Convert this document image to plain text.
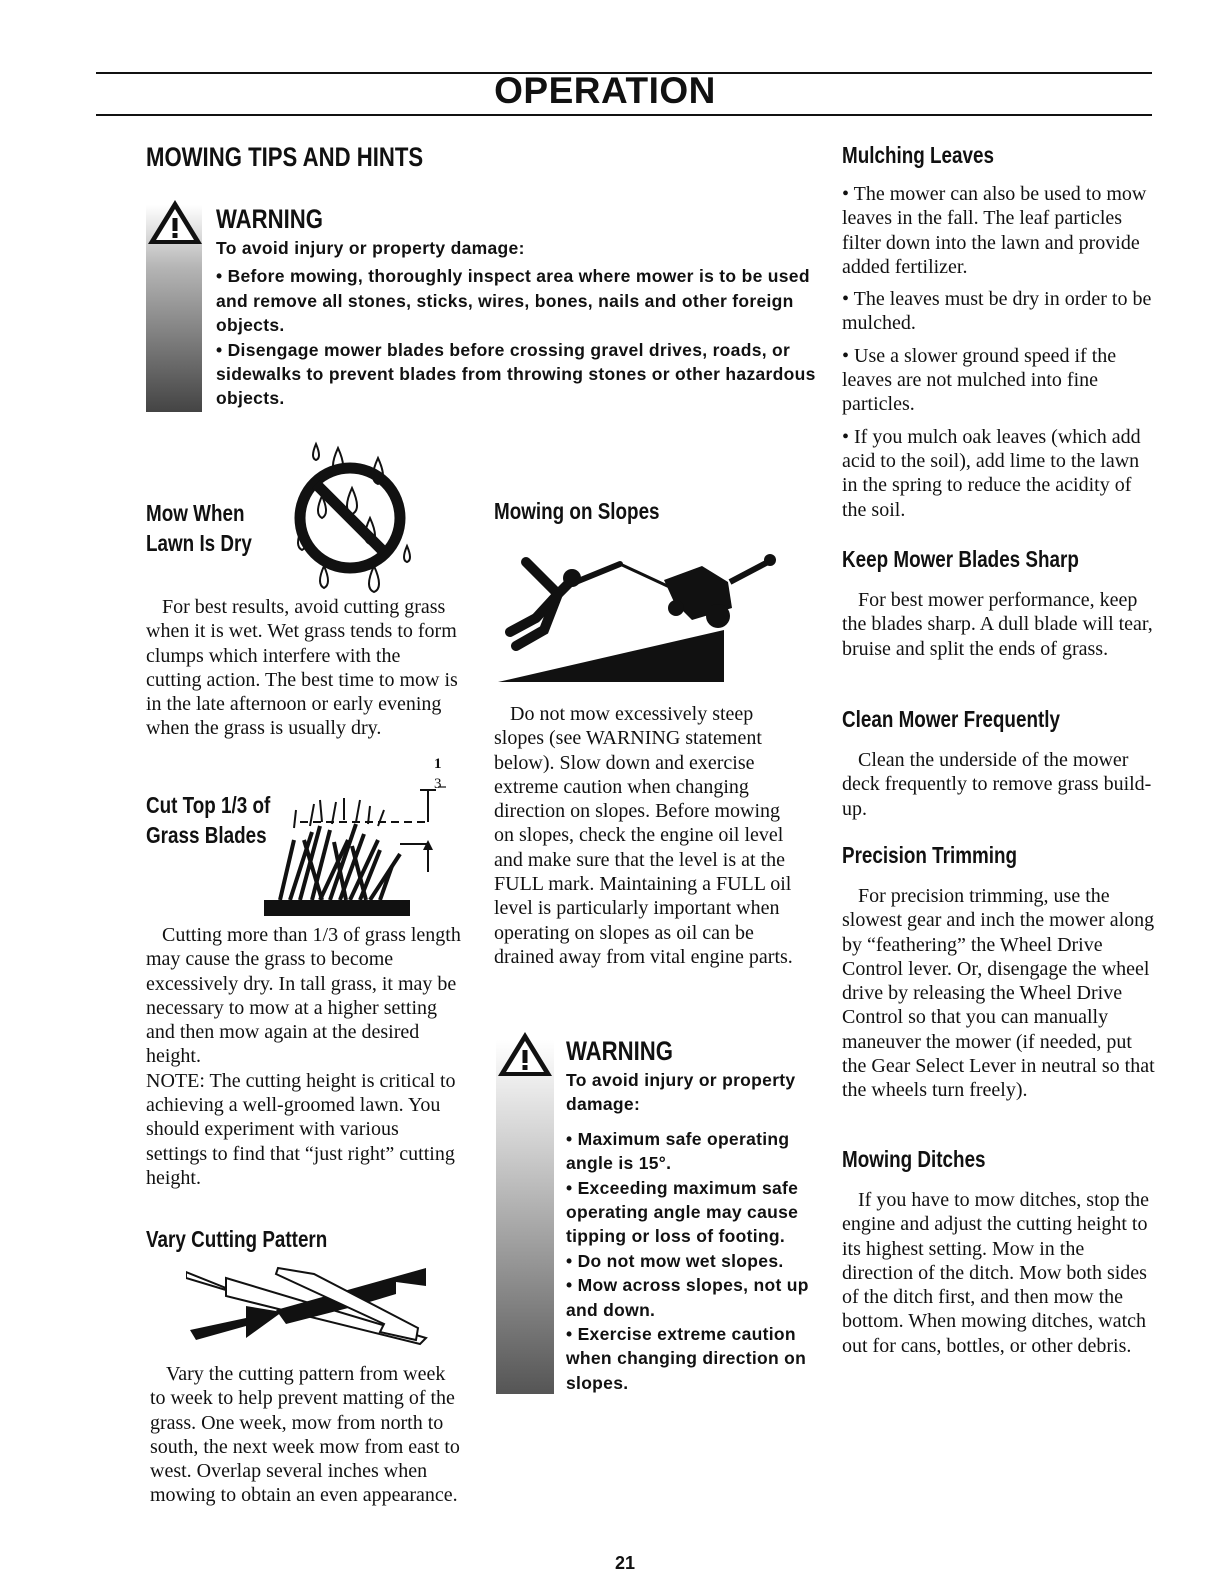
OPERATION
MOWING TIPS AND HINTS
WARNING

To avoid injury or property damage:

• Before mowing, thoroughly inspect area where mower is to be used and remove all stones, sticks, wires, bones, nails and other foreign objects.

• Disengage mower blades before crossing gravel drives, roads, or sidewalks to prevent blades from throwing stones or other hazardous objects.

Mow When
Lawn Is Dry
For best results, avoid cutting grass when it is wet. Wet grass tends to form clumps which interfere with the cutting action. The best time to mow is in the late afternoon or early evening when the grass is usually dry.
Cut Top 1/3 of
Grass Blades
1
3

Cutting more than 1/3 of grass length may cause the grass to become excessively dry. In tall grass, it may be necessary to mow at a higher setting and then mow again at the desired height.

NOTE: The cutting height is critical to achieving a well-groomed lawn. You should experiment with various settings to find that “just right” cutting height.

Vary Cutting Pattern
Vary the cutting pattern from week to week to help prevent matting of the grass. One week, mow from north to south, the next week mow from east to west. Overlap several inches when mowing to obtain an even appearance.
Mowing on Slopes
Do not mow excessively steep slopes (see WARNING statement below). Slow down and exercise extreme caution when changing direction on slopes. Before mowing on slopes, check the engine oil level and make sure that the level is at the FULL mark. Maintaining a FULL oil level is particularly important when operating on slopes as oil can be drained away from vital engine parts.
WARNING

To avoid injury or property damage:

• Maximum safe operating angle is 15°.

• Exceeding maximum safe operating angle may cause tipping or loss of footing.

• Do not mow wet slopes.

• Mow across slopes, not up and down.

• Exercise extreme caution when changing direction on slopes.

Mulching Leaves

• The mower can also be used to mow leaves in the fall. The leaf particles filter down into the lawn and provide added fertilizer.

• The leaves must be dry in order to be mulched.

• Use a slower ground speed if the leaves are not mulched into fine particles.

• If you mulch oak leaves (which add acid to the soil), add lime to the lawn in the spring to reduce the acidity of the soil.

Keep Mower Blades Sharp
For best mower performance, keep the blades sharp. A dull blade will tear, bruise and split the ends of grass.
Clean Mower Frequently
Clean the underside of the mower deck frequently to remove grass build-up.
Precision Trimming
For precision trimming, use the slowest gear and inch the mower along by “feathering” the Wheel Drive Control lever. Or, disengage the wheel drive by releasing the Wheel Drive Control so that you can manually maneuver the mower (if needed, put the Gear Select Lever in neutral so that the wheels turn freely).
Mowing Ditches
If you have to mow ditches, stop the engine and adjust the cutting height to its highest setting. Mow in the direction of the ditch. Mow both sides of the ditch first, and then mow the bottom. When mowing ditches, watch out for cans, bottles, or other debris.
21
